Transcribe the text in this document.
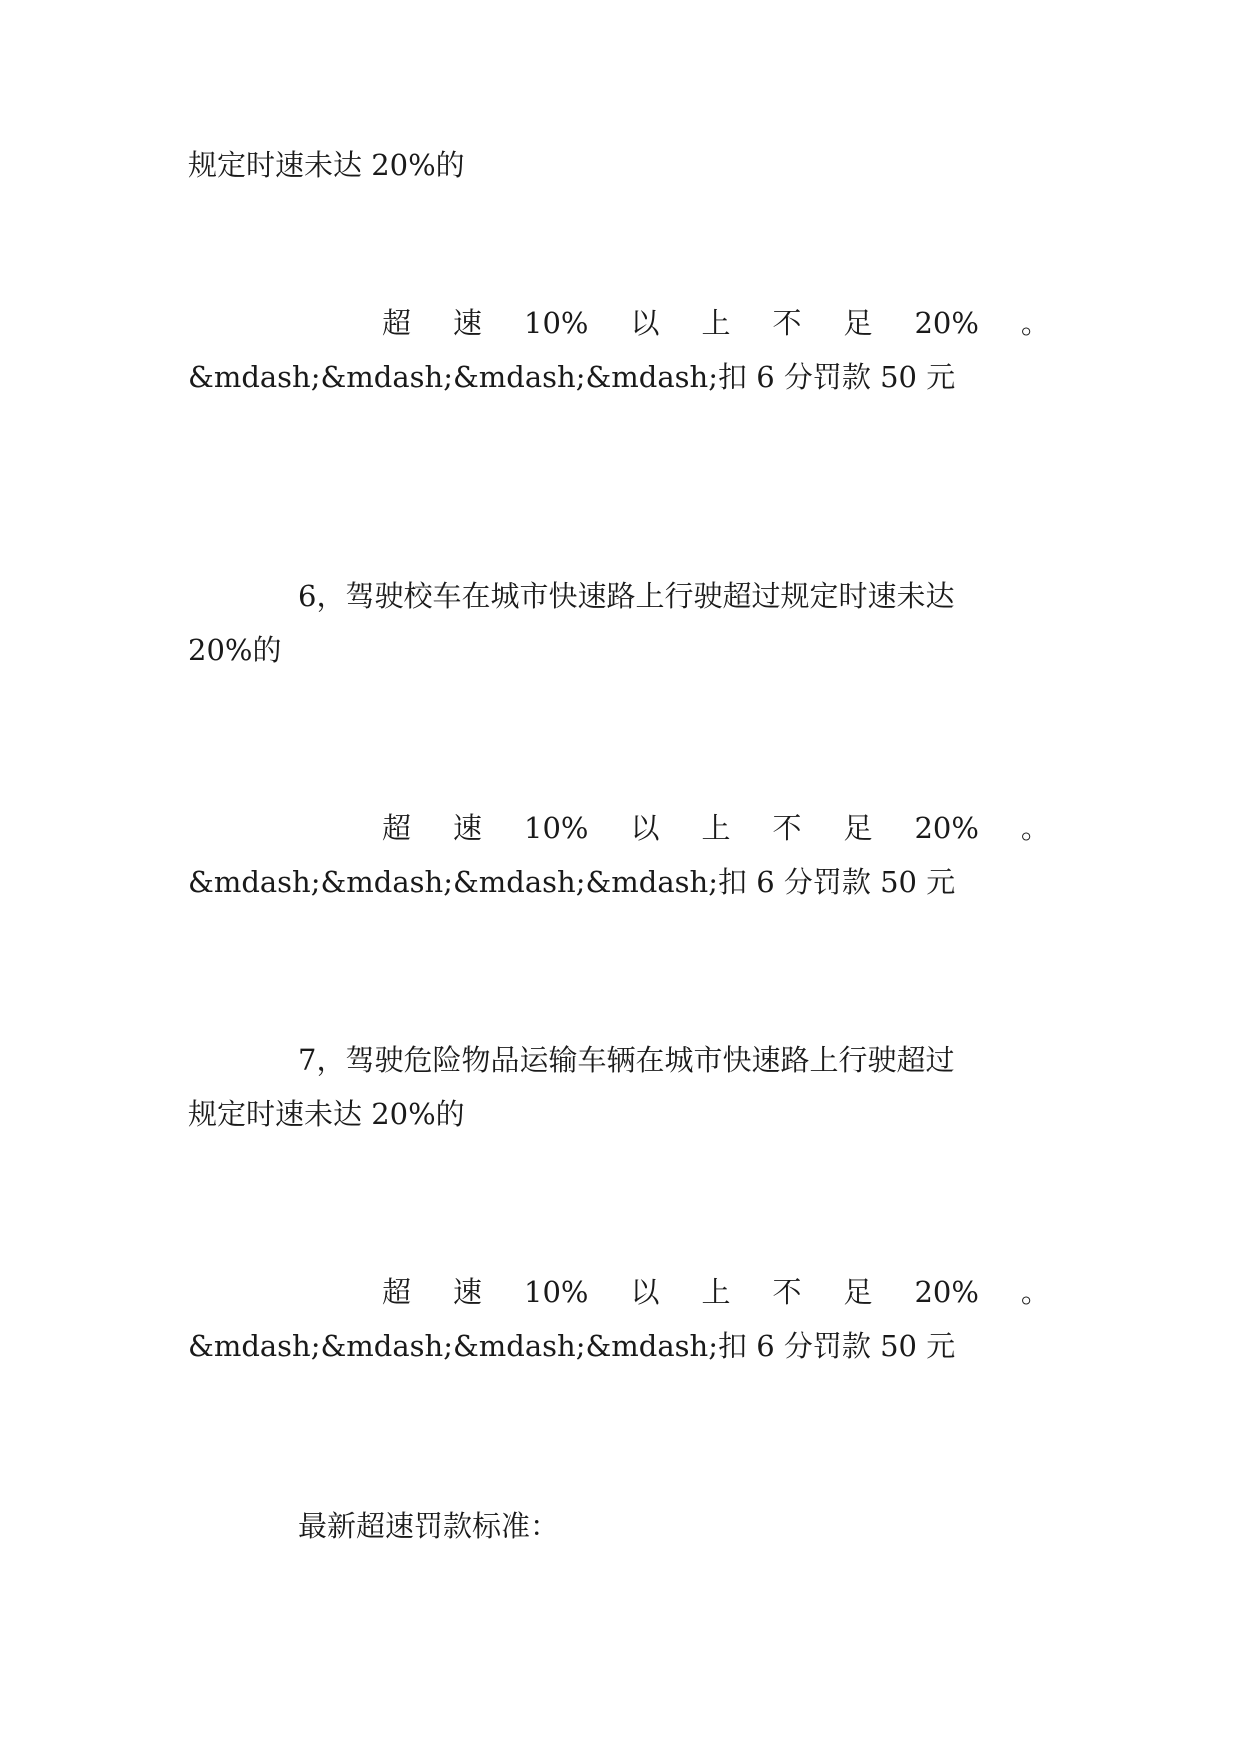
规定时速未达 20%的
超 速 10% 以 上 不 足 20% 。
&mdash;&mdash;&mdash;&mdash;扣 6 分罚款 50 元
6，驾驶校车在城市快速路上行驶超过规定时速未达
20%的
超 速 10% 以 上 不 足 20% 。
&mdash;&mdash;&mdash;&mdash;扣 6 分罚款 50 元
7，驾驶危险物品运输车辆在城市快速路上行驶超过
规定时速未达 20%的
超 速 10% 以 上 不 足 20% 。
&mdash;&mdash;&mdash;&mdash;扣 6 分罚款 50 元
最新超速罚款标准：
